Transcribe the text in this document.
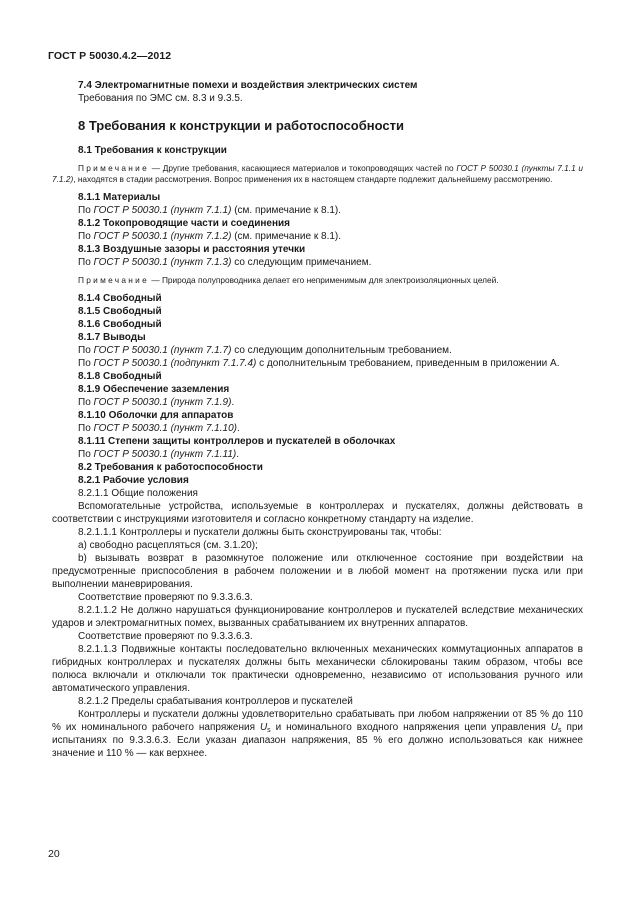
ГОСТ Р 50030.4.2—2012

7.4 Электромагнитные помехи и воздействия электрических систем

Требования по ЭМС см. 8.3 и 9.3.5.

8 Требования к конструкции и работоспособности

8.1 Требования к конструкции

Примечание — Другие требования, касающиеся материалов и токопроводящих частей по ГОСТ Р 50030.1 (пункты 7.1.1 и 7.1.2), находятся в стадии рассмотрения. Вопрос применения их в настоящем стандарте подлежит дальнейшему рассмотрению.

8.1.1 Материалы

По ГОСТ Р 50030.1 (пункт 7.1.1) (см. примечание к 8.1).

8.1.2 Токопроводящие части и соединения

По ГОСТ Р 50030.1 (пункт 7.1.2) (см. примечание к 8.1).

8.1.3 Воздушные зазоры и расстояния утечки

По ГОСТ Р 50030.1 (пункт 7.1.3) со следующим примечанием.

Примечание — Природа полупроводника делает его неприменимым для электроизоляционных целей.

8.1.4 Свободный

8.1.5 Свободный

8.1.6 Свободный

8.1.7 Выводы

По ГОСТ Р 50030.1 (пункт 7.1.7) со следующим дополнительным требованием.

По ГОСТ Р 50030.1 (подпункт 7.1.7.4) с дополнительным требованием, приведенным в приложении А.

8.1.8 Свободный

8.1.9 Обеспечение заземления

По ГОСТ Р 50030.1 (пункт 7.1.9).

8.1.10 Оболочки для аппаратов

По ГОСТ Р 50030.1 (пункт 7.1.10).

8.1.11 Степени защиты контроллеров и пускателей в оболочках

По ГОСТ Р 50030.1 (пункт 7.1.11).

8.2 Требования к работоспособности

8.2.1 Рабочие условия

8.2.1.1 Общие положения

Вспомогательные устройства, используемые в контроллерах и пускателях, должны действовать в соответствии с инструкциями изготовителя и согласно конкретному стандарту на изделие.

8.2.1.1.1 Контроллеры и пускатели должны быть сконструированы так, чтобы:

а) свободно расцепляться (см. 3.1.20);

b) вызывать возврат в разомкнутое положение или отключенное состояние при воздействии на предусмотренные приспособления в рабочем положении и в любой момент на протяжении пуска или при выполнении маневрирования.

Соответствие проверяют по 9.3.3.6.3.

8.2.1.1.2 Не должно нарушаться функционирование контроллеров и пускателей вследствие механических ударов и электромагнитных помех, вызванных срабатыванием их внутренних аппаратов.

Соответствие проверяют по 9.3.3.6.3.

8.2.1.1.3 Подвижные контакты последовательно включенных механических коммутационных аппаратов в гибридных контроллерах и пускателях должны быть механически сблокированы таким образом, чтобы все полюса включали и отключали ток практически одновременно, независимо от использования ручного или автоматического управления.

8.2.1.2 Пределы срабатывания контроллеров и пускателей

Контроллеры и пускатели должны удовлетворительно срабатывать при любом напряжении от 85 % до 110 % их номинального рабочего напряжения $U_s$ и номинального входного напряжения цепи управления $U_s$ при испытаниях по 9.3.3.6.3. Если указан диапазон напряжения, 85 % его должно использоваться как нижнее значение и 110 % — как верхнее.

20
